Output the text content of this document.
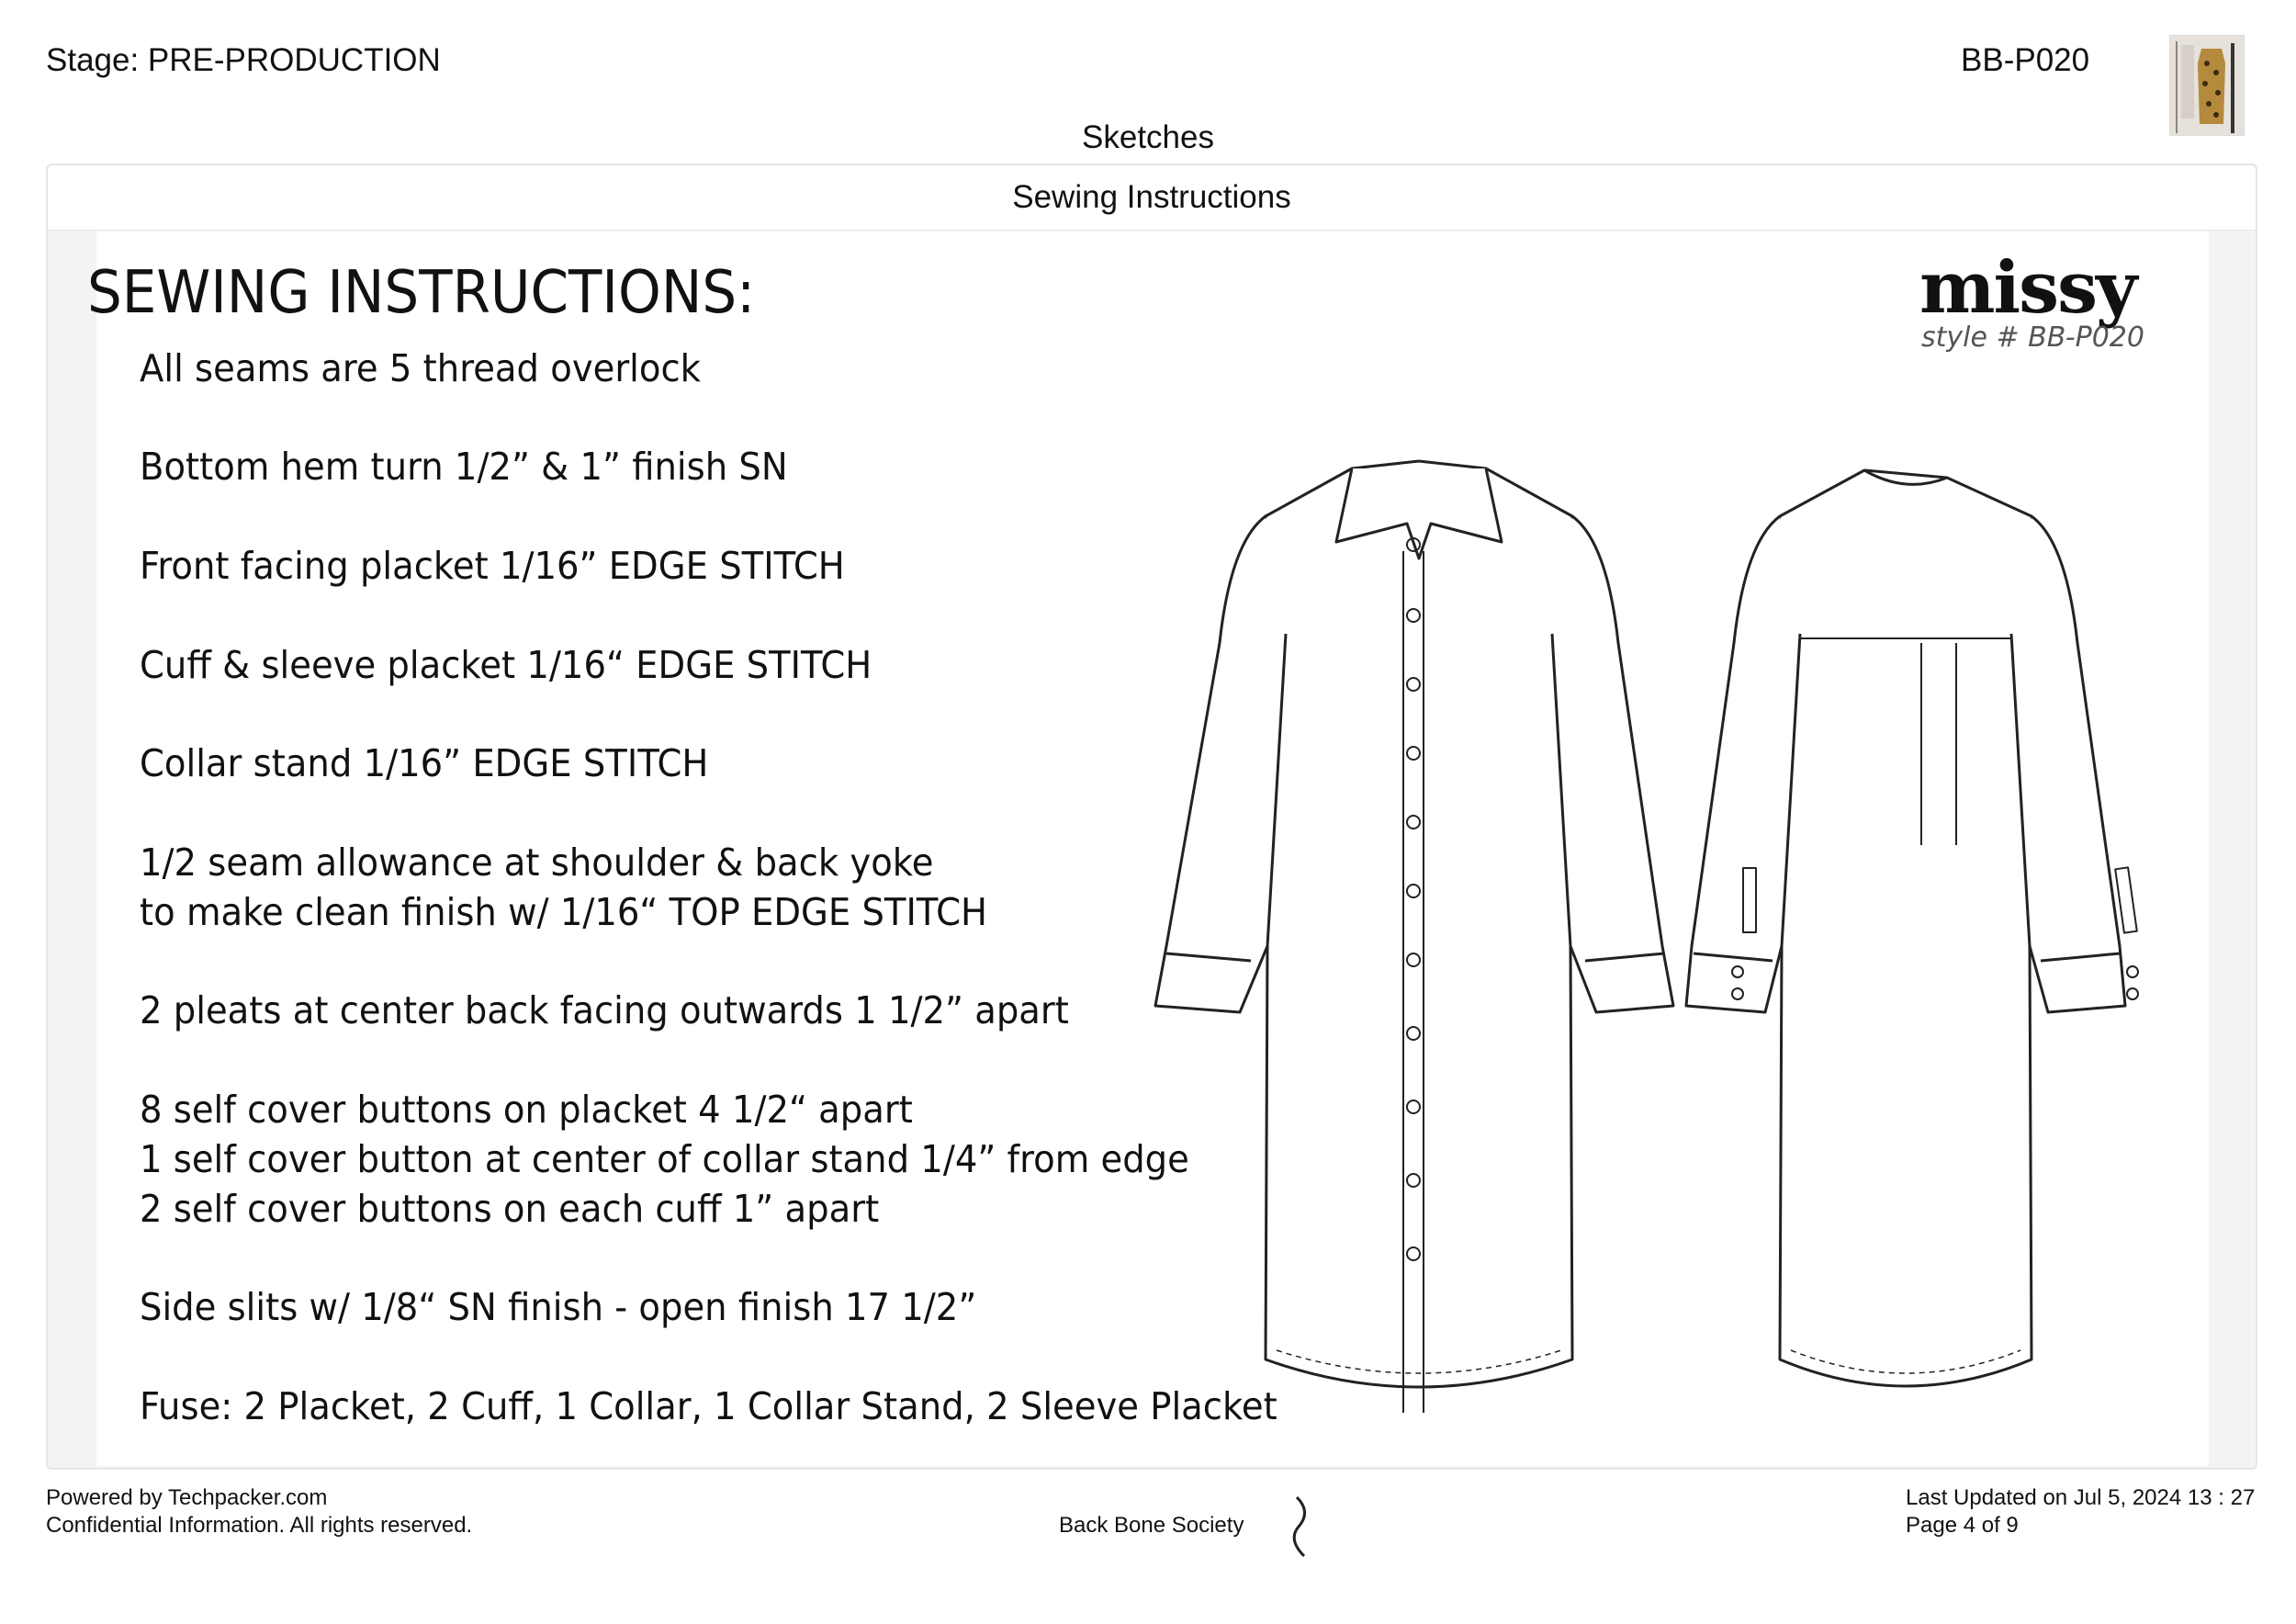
Stage: PRE-PRODUCTION	BB-P020
Sketches
Sewing Instructions
SEWING INSTRUCTIONS:
All seams are 5 thread overlock
Bottom hem turn 1/2” & 1” finish SN
Front facing placket 1/16” EDGE STITCH
Cuff & sleeve placket 1/16“ EDGE STITCH
Collar stand 1/16” EDGE STITCH
1/2 seam allowance at shoulder & back yoke
to make clean finish w/ 1/16“ TOP EDGE STITCH
2 pleats at center back facing outwards 1 1/2” apart
8 self cover buttons on placket 4 1/2“ apart
1 self cover button at center of collar stand 1/4” from edge
2 self cover buttons on each cuff 1” apart
Side slits w/ 1/8“ SN finish - open finish 17 1/2”
Fuse: 2 Placket, 2 Cuff, 1 Collar, 1 Collar Stand, 2 Sleeve Placket
missy
style # BB-P020
Powered by Techpacker.com
Confidential Information. All rights reserved.	Back Bone Society
Last Updated on Jul 5, 2024 13 : 27
Page 4 of 9
